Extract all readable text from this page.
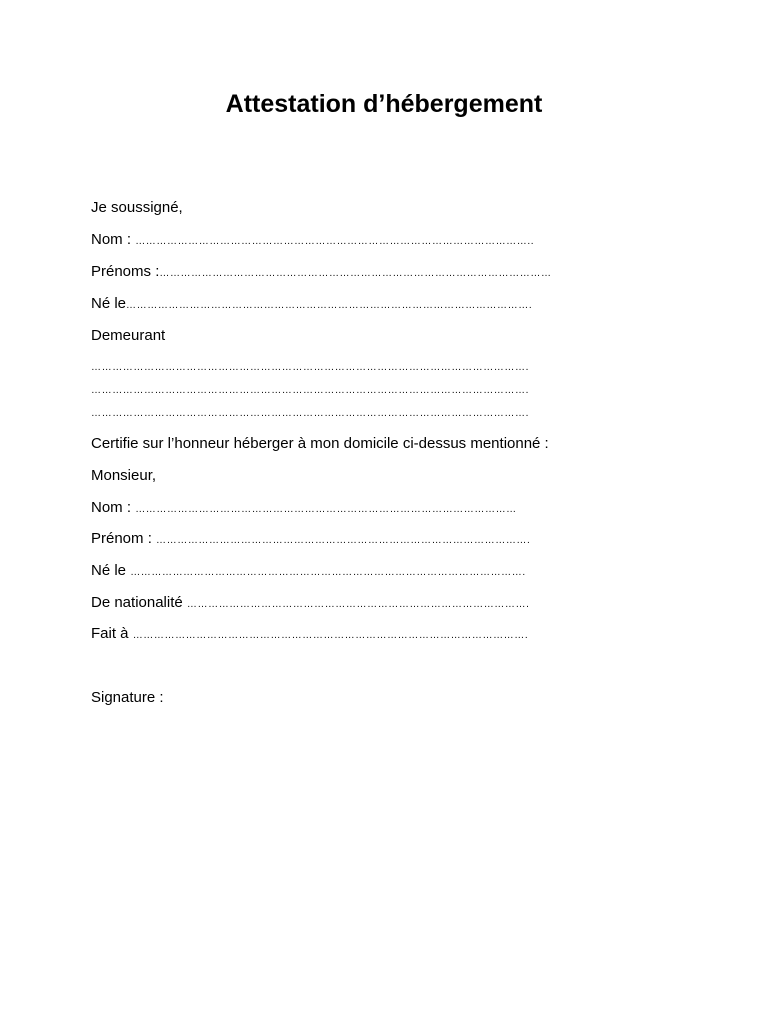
Attestation d’hébergement
Je soussigné,
Nom : …………………………………………………………………………………………………..
Prénoms :…………………………………………………………………………………………………
Né le…………………………………………………………………………………………………….
Demeurant
…………………………………………………………………………………………………………….
…………………………………………………………………………………………………………….
…………………………………………………………………………………………………………….
Certifie sur l’honneur héberger à mon domicile ci-dessus mentionné :
Monsieur,
Nom : ………………………………………………………………………………………………
Prénom : …………………………………………………………………………………………….
Né le ………………………………………………………………………………………………….
De nationalité …………………………………………………………………………………….
Fait à ………………………………………………………………………………………………….
Signature :
